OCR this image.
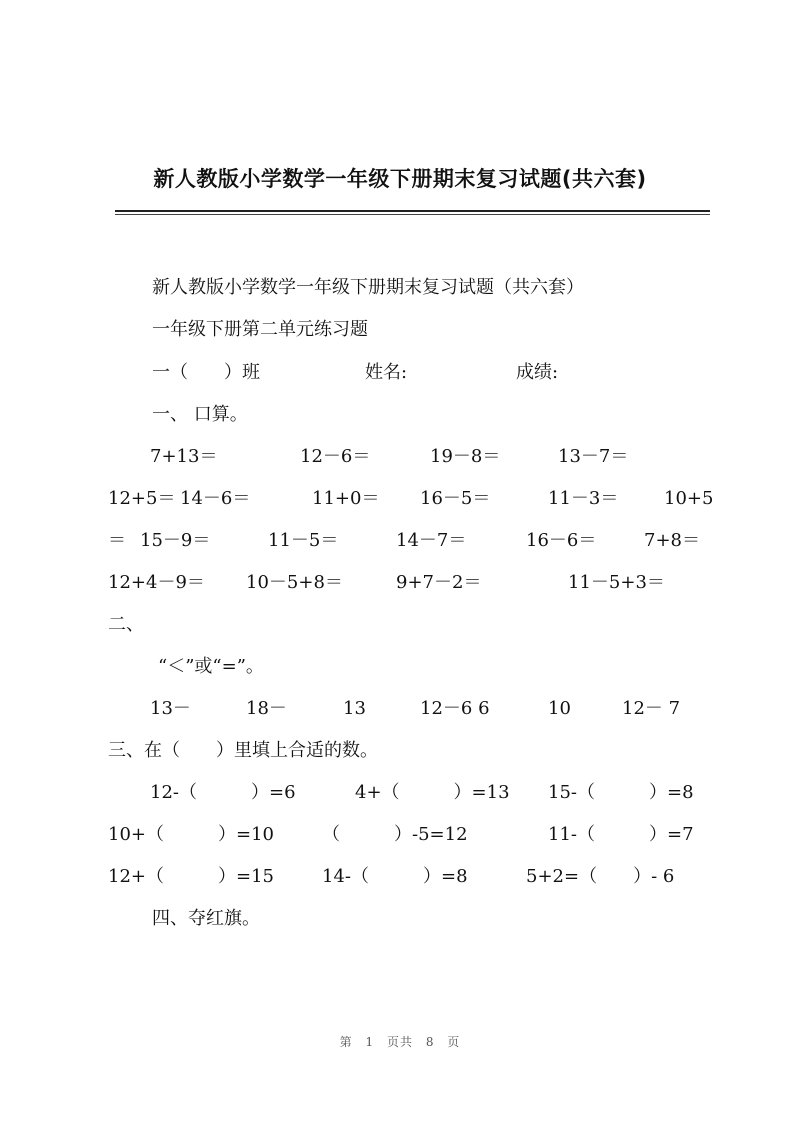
新人教版小学数学一年级下册期末复习试题(共六套)
新人教版小学数学一年级下册期末复习试题（共六套）
一年级下册第二单元练习题
一（　　）班	姓名:	成绩:
一、 口算。
7+13＝	12－6＝	19－8＝	13－7＝
12+5＝ 14－6＝	11+0＝ 16－5＝	11－3＝	10+5
＝ 15－9＝	11－5＝	14－7＝	16－6＝	7+8＝
12+4－9＝ 10－5+8＝	9+7－2＝	11－5+3＝
二、
“＜”或“=”。
13－	18－	13	12－6 6	10	12－ 7
三、在（　　）里填上合适的数。
12-（　　　）=6	4+（　　　）=13 15-（　　　）=8
10+（　　　）=10	（　　　）-5=12	11-（　　　）=7
12+（　　　）=15	14-（　　　）=8	5+2=（　　）- 6
四、夺红旗。
第 1 页共 8 页
